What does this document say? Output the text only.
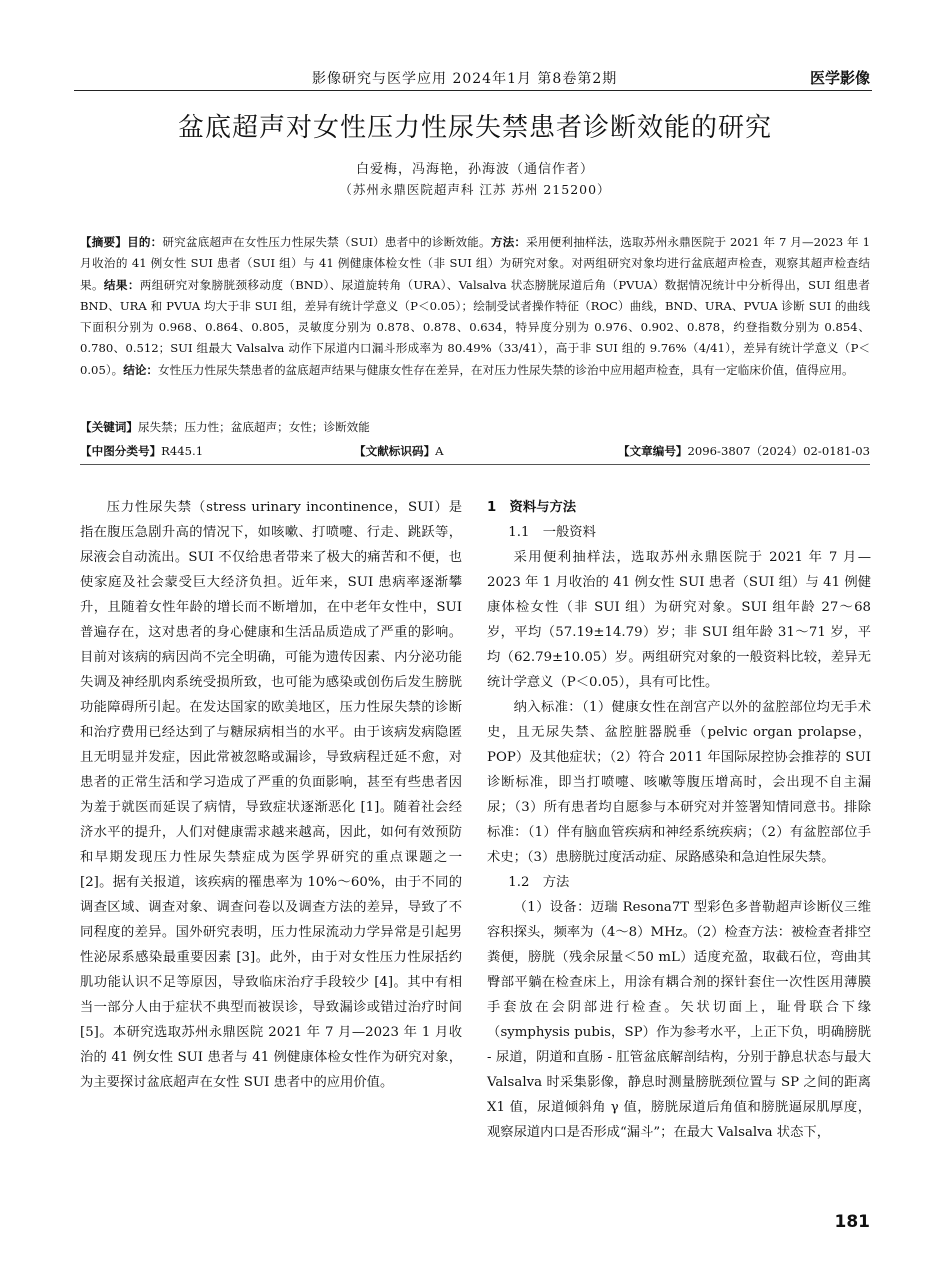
影像研究与医学应用 2024年1月 第8卷第2期	医学影像
盆底超声对女性压力性尿失禁患者诊断效能的研究
白爱梅，冯海艳，孙海波（通信作者）
（苏州永鼎医院超声科 江苏 苏州 215200）
【摘要】目的：研究盆底超声在女性压力性尿失禁（SUI）患者中的诊断效能。方法：采用便利抽样法，选取苏州永鼎医院于 2021 年 7 月—2023 年 1 月收治的 41 例女性 SUI 患者（SUI 组）与 41 例健康体检女性（非 SUI 组）为研究对象。对两组研究对象均进行盆底超声检查，观察其超声检查结果。结果：两组研究对象膀胱颈移动度（BND）、尿道旋转角（URA）、Valsalva 状态膀胱尿道后角（PVUA）数据情况统计中分析得出，SUI 组患者 BND、URA 和 PVUA 均大于非 SUI 组，差异有统计学意义（P＜0.05）；绘制受试者操作特征（ROC）曲线，BND、URA、PVUA 诊断 SUI 的曲线下面积分别为 0.968、0.864、0.805，灵敏度分别为 0.878、0.878、0.634，特异度分别为 0.976、0.902、0.878，约登指数分别为 0.854、0.780、0.512；SUI 组最大 Valsalva 动作下尿道内口漏斗形成率为 80.49%（33/41），高于非 SUI 组的 9.76%（4/41），差异有统计学意义（P＜0.05）。结论：女性压力性尿失禁患者的盆底超声结果与健康女性存在差异，在对压力性尿失禁的诊治中应用超声检查，具有一定临床价值，值得应用。
【关键词】尿失禁；压力性；盆底超声；女性；诊断效能
【中图分类号】R445.1	【文献标识码】A	【文章编号】2096-3807（2024）02-0181-03

压力性尿失禁（stress urinary incontinence，SUI）是指在腹压急剧升高的情况下，如咳嗽、打喷嚏、行走、跳跃等，尿液会自动流出。SUI 不仅给患者带来了极大的痛苦和不便，也使家庭及社会蒙受巨大经济负担。近年来，SUI 患病率逐渐攀升，且随着女性年龄的增长而不断增加，在中老年女性中，SUI 普遍存在，这对患者的身心健康和生活品质造成了严重的影响。目前对该病的病因尚不完全明确，可能为遗传因素、内分泌功能失调及神经肌肉系统受损所致，也可能为感染或创伤后发生膀胱功能障碍所引起。在发达国家的欧美地区，压力性尿失禁的诊断和治疗费用已经达到了与糖尿病相当的水平。由于该病发病隐匿且无明显并发症，因此常被忽略或漏诊，导致病程迁延不愈，对患者的正常生活和学习造成了严重的负面影响，甚至有些患者因为羞于就医而延误了病情，导致症状逐渐恶化 [1]。随着社会经济水平的提升，人们对健康需求越来越高，因此，如何有效预防和早期发现压力性尿失禁症成为医学界研究的重点课题之一 [2]。据有关报道，该疾病的罹患率为 10%～60%，由于不同的调查区域、调查对象、调查问卷以及调查方法的差异，导致了不同程度的差异。国外研究表明，压力性尿流动力学异常是引起男性泌尿系感染最重要因素 [3]。此外，由于对女性压力性尿括约肌功能认识不足等原因，导致临床治疗手段较少 [4]。其中有相当一部分人由于症状不典型而被误诊，导致漏诊或错过治疗时间 [5]。本研究选取苏州永鼎医院 2021 年 7 月—2023 年 1 月收治的 41 例女性 SUI 患者与 41 例健康体检女性作为研究对象，为主要探讨盆底超声在女性 SUI 患者中的应用价值。

1　资料与方法

1.1　一般资料

采用便利抽样法，选取苏州永鼎医院于 2021 年 7 月—2023 年 1 月收治的 41 例女性 SUI 患者（SUI 组）与 41 例健康体检女性（非 SUI 组）为研究对象。SUI 组年龄 27～68 岁，平均（57.19±14.79）岁；非 SUI 组年龄 31～71 岁，平均（62.79±10.05）岁。两组研究对象的一般资料比较，差异无统计学意义（P＜0.05），具有可比性。

纳入标准：（1）健康女性在剖宫产以外的盆腔部位均无手术史，且无尿失禁、盆腔脏器脱垂（pelvic organ prolapse，POP）及其他症状；（2）符合 2011 年国际尿控协会推荐的 SUI 诊断标准，即当打喷嚏、咳嗽等腹压增高时，会出现不自主漏尿；（3）所有患者均自愿参与本研究对并签署知情同意书。排除标准：（1）伴有脑血管疾病和神经系统疾病；（2）有盆腔部位手术史；（3）患膀胱过度活动症、尿路感染和急迫性尿失禁。

1.2　方法

（1）设备：迈瑞 Resona7T 型彩色多普勒超声诊断仪三维容积探头，频率为（4～8）MHz。（2）检查方法：被检查者排空粪便，膀胱（残余尿量＜50 mL）适度充盈，取截石位，弯曲其臀部平躺在检查床上，用涂有耦合剂的探针套住一次性医用薄膜手套放在会阴部进行检查。矢状切面上，耻骨联合下缘（symphysis pubis，SP）作为参考水平，上正下负，明确膀胱 - 尿道，阴道和直肠 - 肛管盆底解剖结构，分别于静息状态与最大 Valsalva 时采集影像，静息时测量膀胱颈位置与 SP 之间的距离 X1 值，尿道倾斜角 γ 值，膀胱尿道后角值和膀胱逼尿肌厚度，观察尿道内口是否形成“漏斗”；在最大 Valsalva 状态下，

181
